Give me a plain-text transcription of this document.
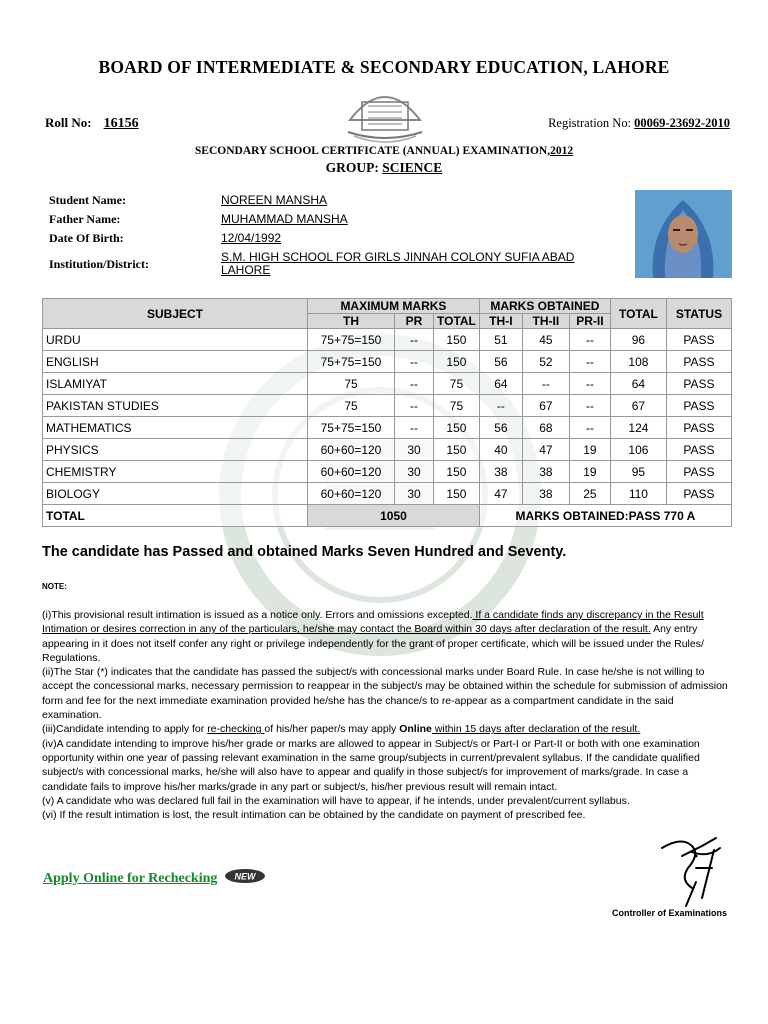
BOARD OF INTERMEDIATE & SECONDARY EDUCATION, LAHORE
Roll No: 16156	Registration No: 00069-23692-2010
SECONDARY SCHOOL CERTIFICATE (ANNUAL) EXAMINATION,2012
GROUP: SCIENCE
Student Name:	NOREEN MANSHA
Father Name:	MUHAMMAD MANSHA
Date Of Birth:	12/04/1992
Institution/District:	S.M. HIGH SCHOOL FOR GIRLS JINNAH COLONY SUFIA ABAD
LAHORE
SUBJECT	MAXIMUM MARKS			MARKS OBTAINED			TOTAL	STATUS
	TH	PR	TOTAL	TH-I	TH-II	PR-II		
URDU	75+75=150	--	150	51	45	--	96	PASS
ENGLISH	75+75=150	--	150	56	52	--	108	PASS
ISLAMIYAT	75	--	75	64	--	--	64	PASS
PAKISTAN STUDIES	75	--	75	--	67	--	67	PASS
MATHEMATICS	75+75=150	--	150	56	68	--	124	PASS
PHYSICS	60+60=120	30	150	40	47	19	106	PASS
CHEMISTRY	60+60=120	30	150	38	38	19	95	PASS
BIOLOGY	60+60=120	30	150	47	38	25	110	PASS
TOTAL	1050			MARKS OBTAINED:PASS 770 A				
The candidate has Passed and obtained Marks Seven Hundred and Seventy.
NOTE:

(i)This provisional result intimation is issued as a notice only. Errors and omissions excepted. If a candidate finds any discrepancy in the Result Intimation or desires correction in any of the particulars, he/she may contact the Board within 30 days after declaration of the result. Any entry appearing in it does not itself confer any right or privilege independently for the grant of proper certificate, which will be issued under the Rules/ Regulations.

(ii)The Star (*) indicates that the candidate has passed the subject/s with concessional marks under Board Rule. In case he/she is not willing to accept the concessional marks, necessary permission to reappear in the subject/s may be obtained within the schedule for submission of admission form and fee for the next immediate examination provided he/she has the chance/s to re-appear as a compartment candidate in the said examination.

(iii)Candidate intending to apply for re-checking of his/her paper/s may apply Online within 15 days after declaration of the result.

(iv)A candidate intending to improve his/her grade or marks are allowed to appear in Subject/s or Part-I or Part-II or both with one examination opportunity within one year of passing relevant examination in the same group/subjects in current/prevalent syllabus. If the candidate qualified subject/s with concessional marks, he/she will also have to appear and qualify in those subject/s for improvement of marks/grade. In case a candidate fails to improve his/her marks/grade in any part or subject/s, his/her previous result will remain intact.

(v) A candidate who was declared full fail in the examination will have to appear, if he intends, under prevalent/current syllabus.

(vi) If the result intimation is lost, the result intimation can be obtained by the candidate on payment of prescribed fee.

Apply Online for Rechecking NEW
Controller of Examinations
